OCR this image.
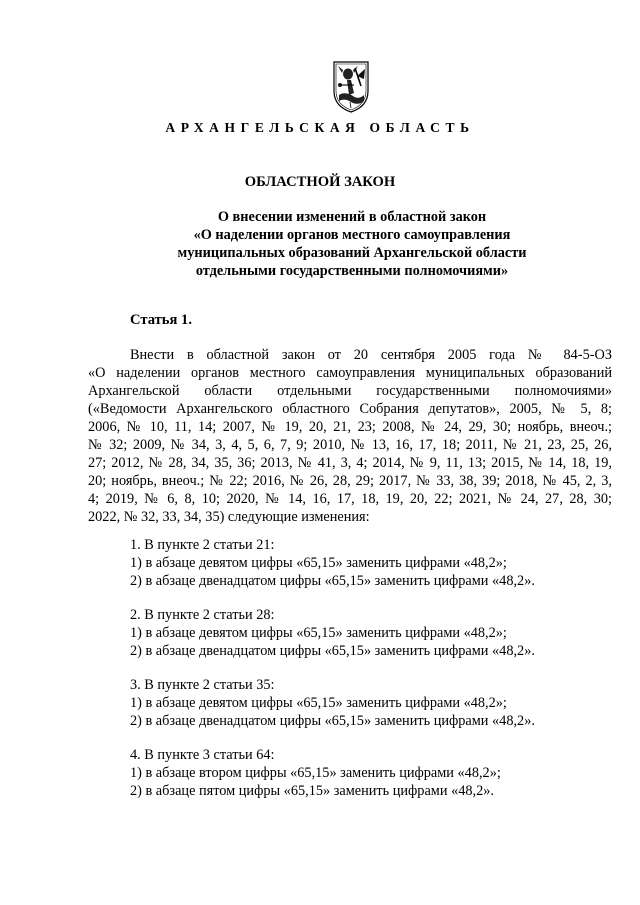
АРХАНГЕЛЬСКАЯ ОБЛАСТЬ
ОБЛАСТНОЙ ЗАКОН
О внесении изменений в областной закон
«О наделении органов местного самоуправления
муниципальных образований Архангельской области
отдельными государственными полномочиями»
Статья 1.
Внести в областной закон от 20 сентября 2005 года № 84-5-ОЗ
«О наделении органов местного самоуправления муниципальных образований
Архангельской области отдельными государственными полномочиями»
(«Ведомости Архангельского областного Собрания депутатов», 2005, № 5, 8;
2006, № 10, 11, 14; 2007, № 19, 20, 21, 23; 2008, № 24, 29, 30; ноябрь, внеоч.;
№ 32; 2009, № 34, 3, 4, 5, 6, 7, 9; 2010, № 13, 16, 17, 18; 2011, № 21, 23, 25, 26,
27; 2012, № 28, 34, 35, 36; 2013, № 41, 3, 4; 2014, № 9, 11, 13; 2015, № 14, 18, 19,
20; ноябрь, внеоч.; № 22; 2016, № 26, 28, 29; 2017, № 33, 38, 39; 2018, № 45, 2, 3,
4; 2019, № 6, 8, 10; 2020, № 14, 16, 17, 18, 19, 20, 22; 2021, № 24, 27, 28, 30;
2022, № 32, 33, 34, 35) следующие изменения:
1. В пункте 2 статьи 21:
1) в абзаце девятом цифры «65,15» заменить цифрами «48,2»;
2) в абзаце двенадцатом цифры «65,15» заменить цифрами «48,2».
2. В пункте 2 статьи 28:
1) в абзаце девятом цифры «65,15» заменить цифрами «48,2»;
2) в абзаце двенадцатом цифры «65,15» заменить цифрами «48,2».
3. В пункте 2 статьи 35:
1) в абзаце девятом цифры «65,15» заменить цифрами «48,2»;
2) в абзаце двенадцатом цифры «65,15» заменить цифрами «48,2».
4. В пункте 3 статьи 64:
1) в абзаце втором цифры «65,15» заменить цифрами «48,2»;
2) в абзаце пятом цифры «65,15» заменить цифрами «48,2».
